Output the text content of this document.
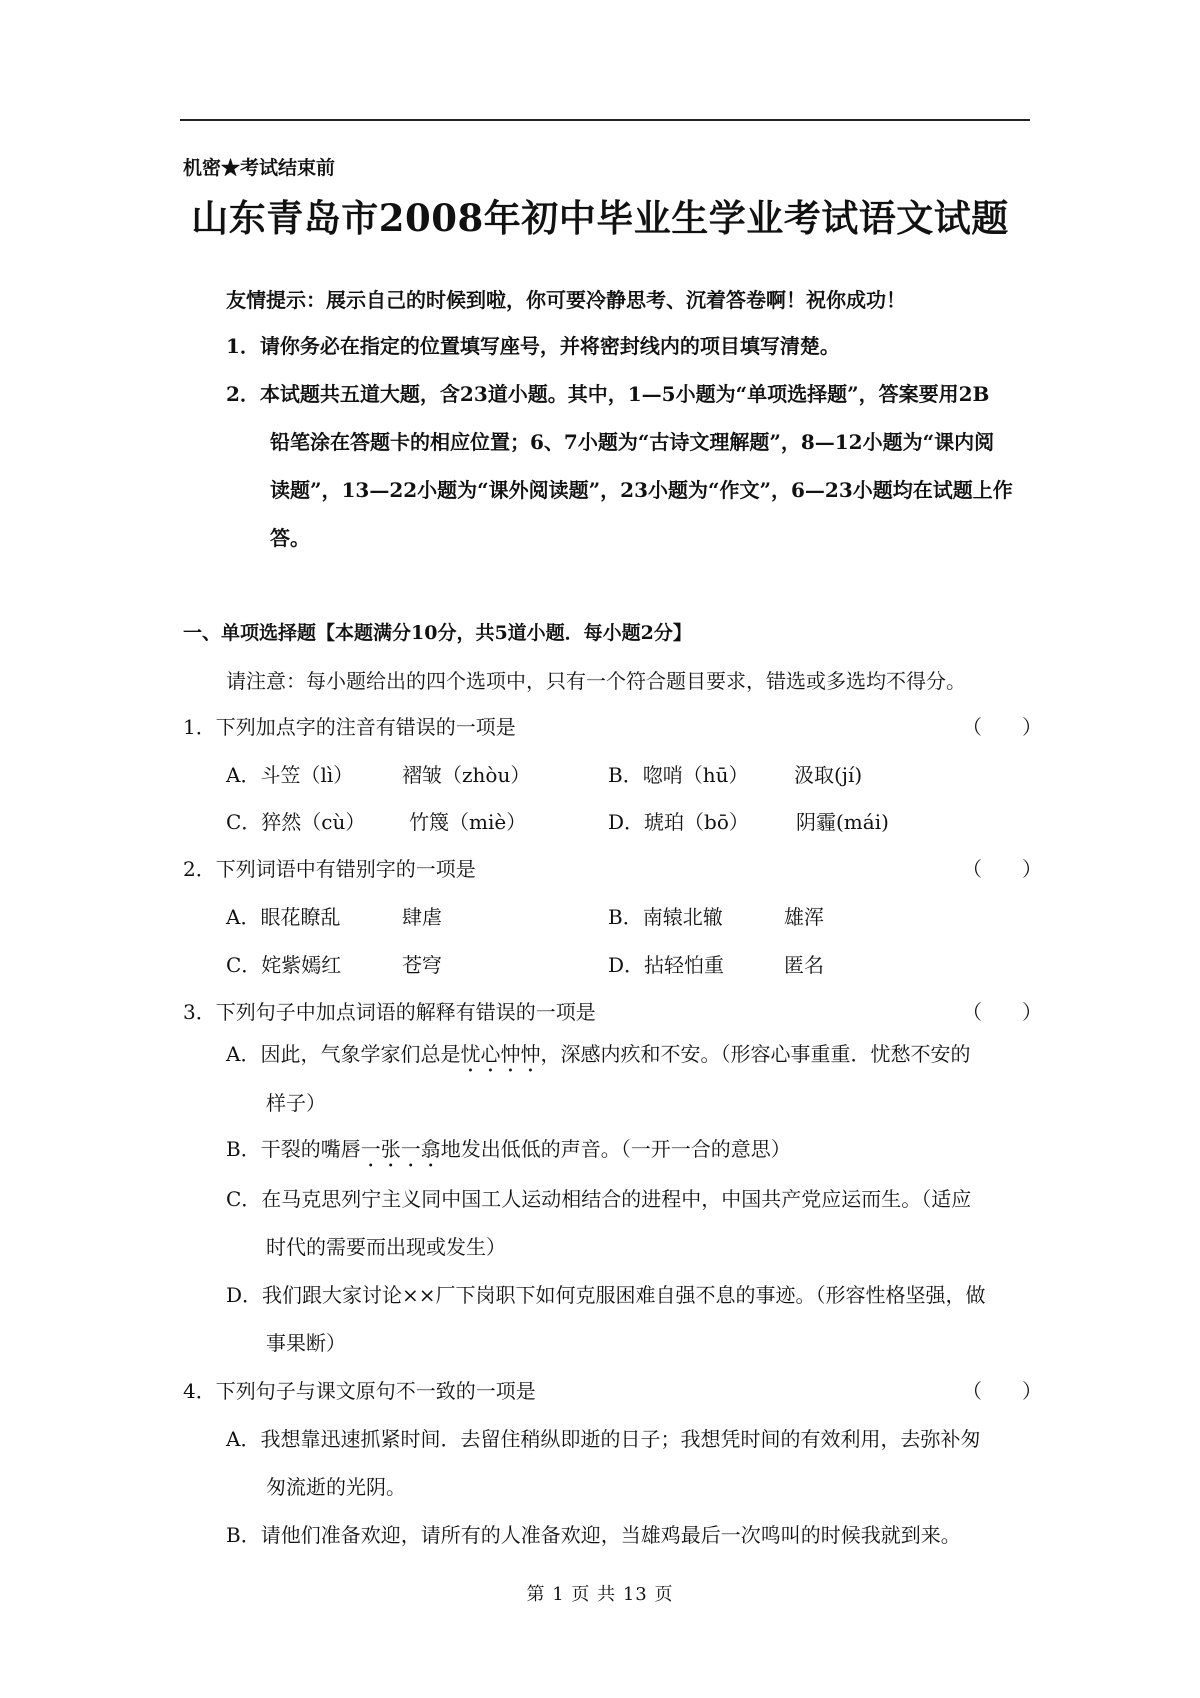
机密★考试结束前
山东青岛市2008年初中毕业生学业考试语文试题
友情提示：展示自己的时候到啦，你可要冷静思考、沉着答卷啊！祝你成功！
1．请你务必在指定的位置填写座号，并将密封线内的项目填写清楚。
2．本试题共五道大题，含23道小题。其中，1—5小题为“单项选择题”，答案要用2B
铅笔涂在答题卡的相应位置；6、7小题为“古诗文理解题”，8—12小题为“课内阅
读题”，13—22小题为“课外阅读题”，23小题为“作文”，6—23小题均在试题上作
答。
一、单项选择题【本题满分10分，共5道小题．每小题2分】
请注意：每小题给出的四个选项中，只有一个符合题目要求，错选或多选均不得分。
1．下列加点字的注音有错误的一项是	（　　）
A．斗笠（lì） 褶皱（zhòu）	B．唿哨（hū） 汲取(jí)
C．猝然（cù） 竹篾（miè）	D．琥珀（bō） 阴霾(mái)
2．下列词语中有错别字的一项是	（　　）
A．眼花瞭乱	肆虐	B．南辕北辙	雄浑
C．姹紫嫣红	苍穹	D．拈轻怕重	匿名
3．下列句子中加点词语的解释有错误的一项是	（　　）
A．因此，气象学家们总是忧心忡忡，深感内疚和不安。（形容心事重重．忧愁不安的
样子）
B．干裂的嘴唇一张一翕地发出低低的声音。（一开一合的意思）
C．在马克思列宁主义同中国工人运动相结合的进程中，中国共产党应运而生。（适应
时代的需要而出现或发生）
D．我们跟大家讨论××厂下岗职下如何克服困难自强不息的事迹。（形容性格坚强，做
事果断）
4．下列句子与课文原句不一致的一项是	（　　）
A．我想靠迅速抓紧时间．去留住稍纵即逝的日子；我想凭时间的有效利用，去弥补匆
匆流逝的光阴。
B．请他们准备欢迎，请所有的人准备欢迎，当雄鸡最后一次鸣叫的时候我就到来。
第 1 页 共 13 页
